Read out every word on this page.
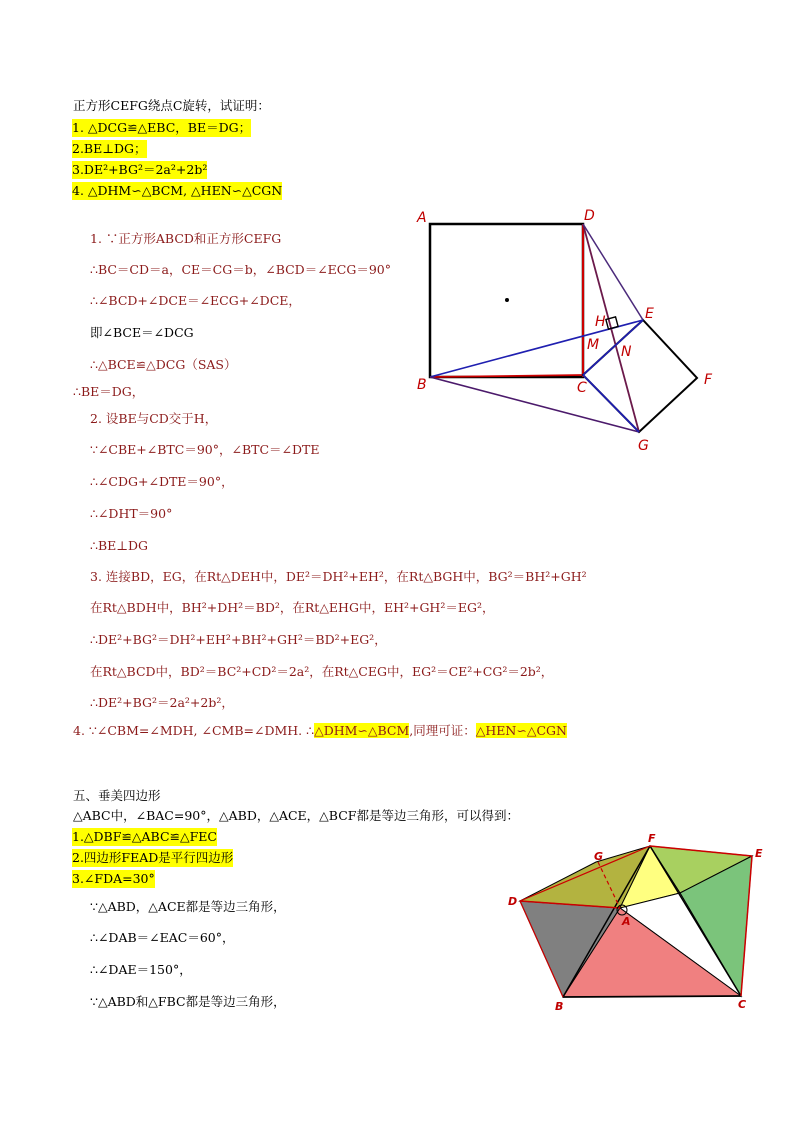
正方形CEFG绕点C旋转，试证明：
1. △DCG≌△EBC，BE＝DG；
2.BE⊥DG；
3.DE²+BG²＝2a²+2b²
4. △DHM∽△BCM, △HEN∽△CGN
1. ∵正方形ABCD和正方形CEFG
∴BC＝CD＝a，CE＝CG＝b，∠BCD＝∠ECG＝90°
∴∠BCD+∠DCE＝∠ECG+∠DCE，
即∠BCE＝∠DCG
∴△BCE≌△DCG（SAS）
∴BE＝DG，
2. 设BE与CD交于H，
∵∠CBE+∠BTC＝90°，∠BTC＝∠DTE
∴∠CDG+∠DTE＝90°，
∴∠DHT＝90°
∴BE⊥DG
3. 连接BD，EG，在Rt△DEH中，DE²＝DH²+EH²，在Rt△BGH中，BG²＝BH²+GH²
在Rt△BDH中，BH²+DH²＝BD²，在Rt△EHG中，EH²+GH²＝EG²，
∴DE²+BG²＝DH²+EH²+BH²+GH²＝BD²+EG²，
在Rt△BCD中，BD²＝BC²+CD²＝2a²，在Rt△CEG中，EG²＝CE²+CG²＝2b²，
∴DE²+BG²＝2a²+2b²，
4. ∵∠CBM=∠MDH, ∠CMB=∠DMH. ∴△DHM∽△BCM,同理可证：△HEN∽△CGN
A	D
B	C
E
F
G
H
M N
五、垂美四边形
△ABC中，∠BAC=90°，△ABD，△ACE，△BCF都是等边三角形，可以得到：
1.△DBF≌△ABC≌△FEC
2.四边形FEAD是平行四边形
3.∠FDA=30°
∵△ABD，△ACE都是等边三角形，
∴∠DAB＝∠EAC＝60°，
∴∠DAE＝150°，
∵△ABD和△FBC都是等边三角形，
F
E
G
D
A
B	C
